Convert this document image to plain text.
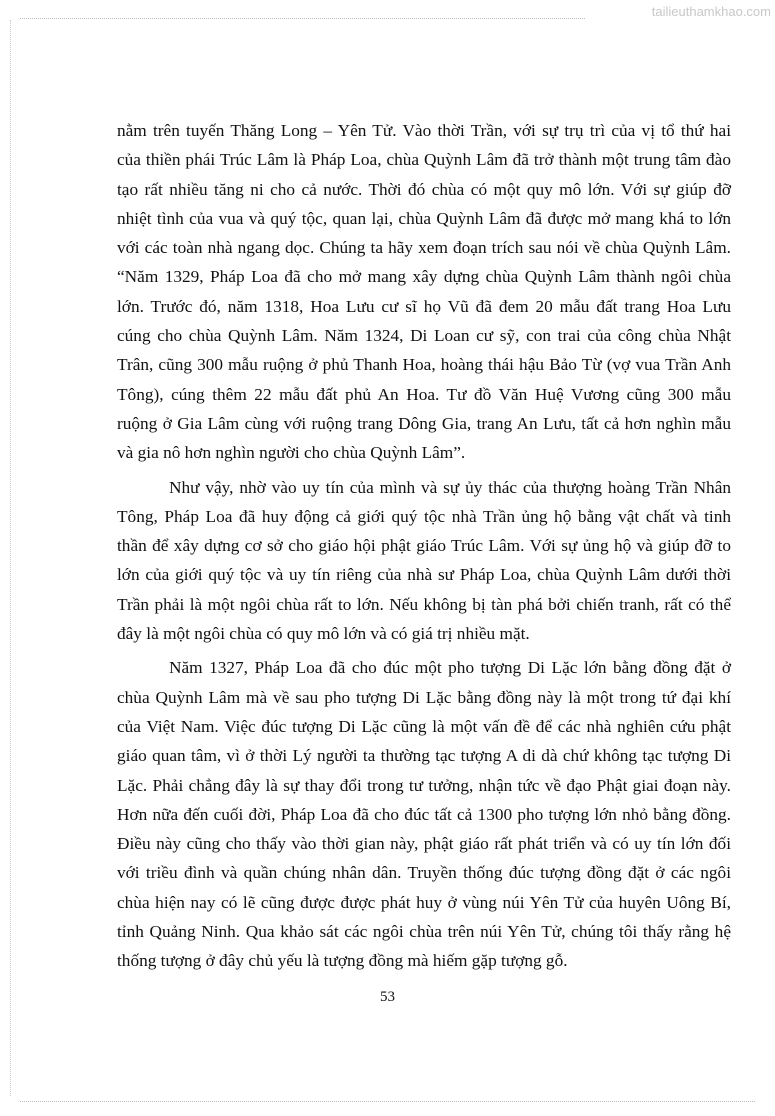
tailieuthamkhao.com
nằm trên tuyến Thăng Long – Yên Tử. Vào thời Trần, với sự trụ trì của vị tổ thứ hai
của thiền phái Trúc Lâm là Pháp Loa, chùa Quỳnh Lâm đã trở thành một trung tâm đào
tạo rất nhiều tăng ni cho cả nước. Thời đó chùa có một quy mô lớn. Với sự giúp đỡ
nhiệt tình của vua và quý tộc, quan lại, chùa Quỳnh Lâm đã được mở mang khá to lớn
với các toàn nhà ngang dọc. Chúng ta hãy xem đoạn trích sau nói về chùa Quỳnh Lâm.
“Năm 1329, Pháp Loa đã cho mở mang xây dựng chùa Quỳnh Lâm thành ngôi chùa
lớn. Trước đó, năm 1318, Hoa Lưu cư sĩ họ Vũ đã đem 20 mẫu đất trang Hoa Lưu
cúng cho chùa Quỳnh Lâm. Năm 1324, Di Loan cư sỹ, con trai của công chùa Nhật
Trân, cũng 300 mẫu ruộng ở phủ Thanh Hoa, hoàng thái hậu Bảo Từ (vợ vua Trần Anh
Tông), cúng thêm 22 mẫu đất phủ An Hoa. Tư đồ Văn Huệ Vương cũng 300 mẫu
ruộng ở Gia Lâm cùng với ruộng trang Dông Gia, trang An Lưu, tất cả hơn nghìn mẫu
và gia nô hơn nghìn người cho chùa Quỳnh Lâm”.
Như vậy, nhờ vào uy tín của mình và sự ủy thác của thượng hoàng Trần Nhân
Tông, Pháp Loa đã huy động cả giới quý tộc nhà Trần ủng hộ bằng vật chất và tinh
thần để xây dựng cơ sở cho giáo hội phật giáo Trúc Lâm. Với sự ủng hộ và giúp đỡ to
lớn của giới quý tộc và uy tín riêng của nhà sư Pháp Loa, chùa Quỳnh Lâm dưới thời
Trần phải là một ngôi chùa rất to lớn. Nếu không bị tàn phá bởi chiến tranh, rất có thể
đây là một ngôi chùa có quy mô lớn và có giá trị nhiều mặt.
Năm 1327, Pháp Loa đã cho đúc một pho tượng Di Lặc lớn bằng đồng đặt ở
chùa Quỳnh Lâm mà về sau pho tượng Di Lặc bằng đồng này là một trong tứ đại khí
của Việt Nam. Việc đúc tượng Di Lặc cũng là một vấn đề để các nhà nghiên cứu phật
giáo quan tâm, vì ở thời Lý người ta thường tạc tượng A di dà chứ không tạc tượng Di
Lặc. Phải chẳng đây là sự thay đổi trong tư tưởng, nhận tức về đạo Phật giai đoạn này.
Hơn nữa đến cuối đời, Pháp Loa đã cho đúc tất cả 1300 pho tượng lớn nhỏ bằng đồng.
Điều này cũng cho thấy vào thời gian này, phật giáo rất phát triển và có uy tín lớn đối
với triều đình và quần chúng nhân dân. Truyền thống đúc tượng đồng đặt ở các ngôi
chùa hiện nay có lẽ cũng được được phát huy ở vùng núi Yên Tử của huyên Uông Bí,
tỉnh Quảng Ninh. Qua khảo sát các ngôi chùa trên núi Yên Tử, chúng tôi thấy rằng hệ
thống tượng ở đây chủ yếu là tượng đồng mà hiếm gặp tượng gỗ.
53
